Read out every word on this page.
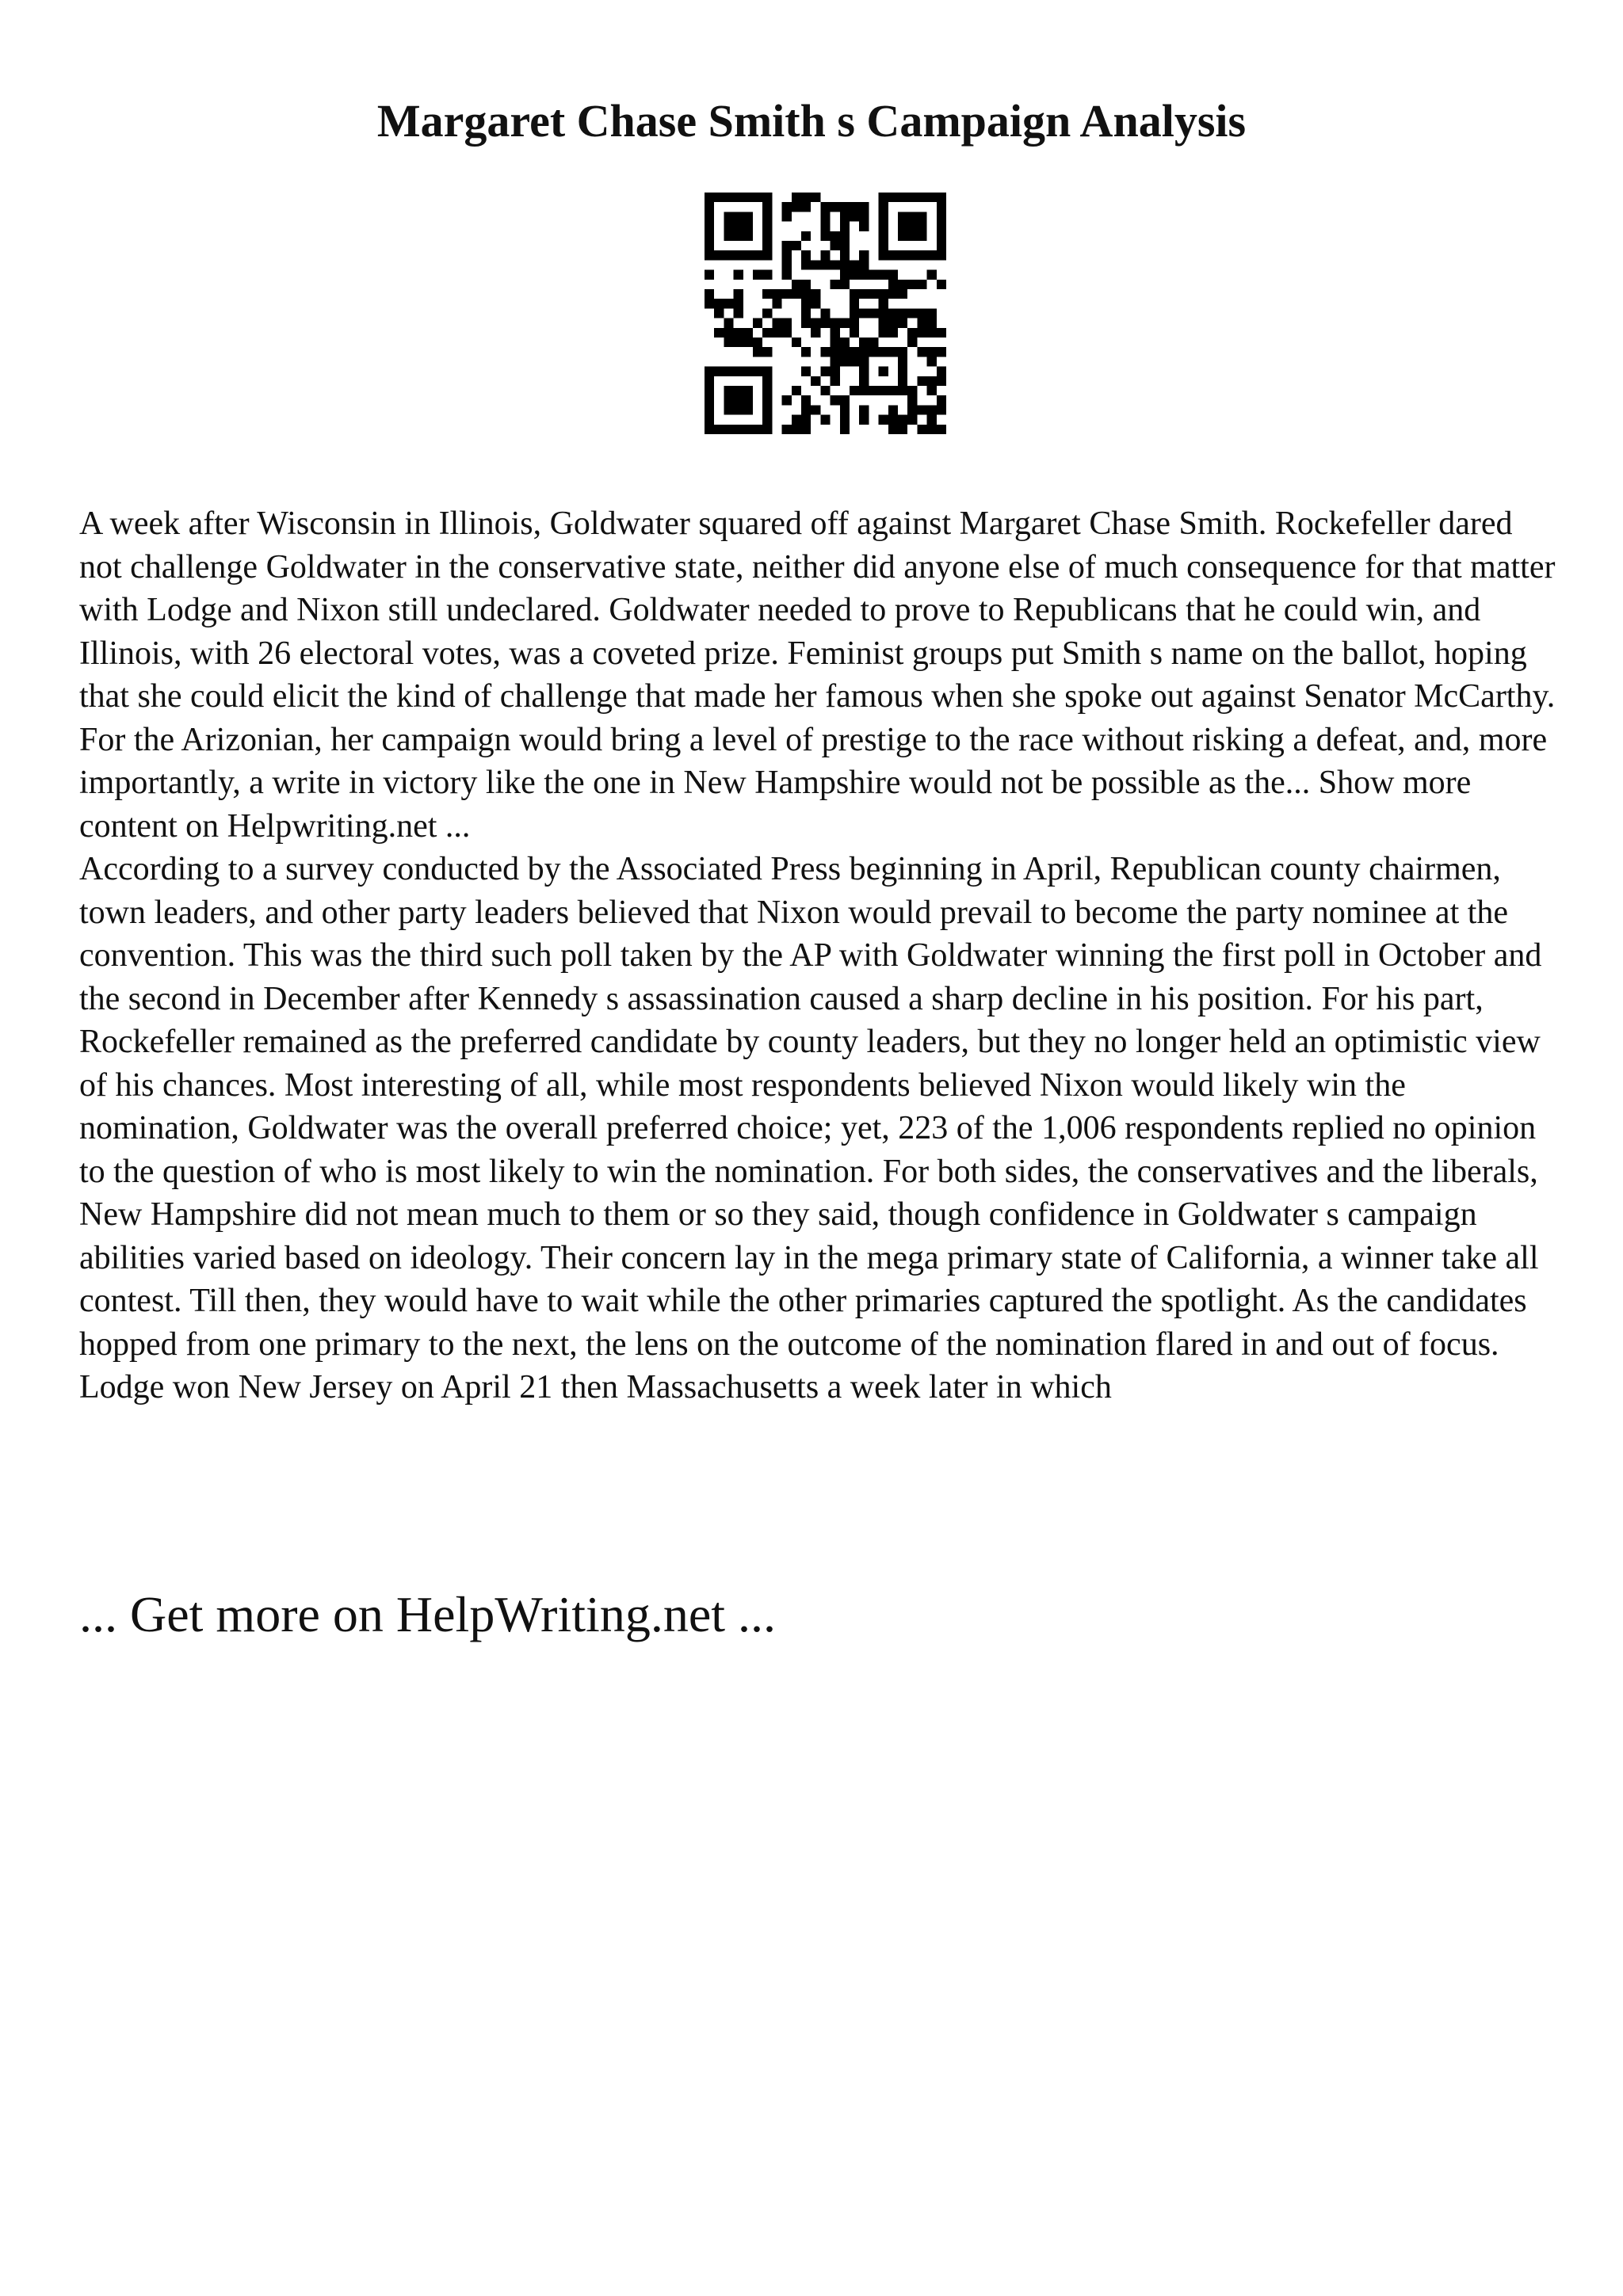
Margaret Chase Smith s Campaign Analysis

A week after Wisconsin in Illinois, Goldwater squared off against Margaret Chase Smith. Rockefeller dared not challenge Goldwater in the conservative state, neither did anyone else of much consequence for that matter with Lodge and Nixon still undeclared. Goldwater needed to prove to Republicans that he could win, and Illinois, with 26 electoral votes, was a coveted prize. Feminist groups put Smith s name on the ballot, hoping that she could elicit the kind of challenge that made her famous when she spoke out against Senator McCarthy. For the Arizonian, her campaign would bring a level of prestige to the race without risking a defeat, and, more importantly, a write in victory like the one in New Hampshire would not be possible as the... Show more content on Helpwriting.net ...

According to a survey conducted by the Associated Press beginning in April, Republican county chairmen, town leaders, and other party leaders believed that Nixon would prevail to become the party nominee at the convention. This was the third such poll taken by the AP with Goldwater winning the first poll in October and the second in December after Kennedy s assassination caused a sharp decline in his position. For his part, Rockefeller remained as the preferred candidate by county leaders, but they no longer held an optimistic view of his chances. Most interesting of all, while most respondents believed Nixon would likely win the nomination, Goldwater was the overall preferred choice; yet, 223 of the 1,006 respondents replied no opinion to the question of who is most likely to win the nomination. For both sides, the conservatives and the liberals, New Hampshire did not mean much to them or so they said, though confidence in Goldwater s campaign abilities varied based on ideology. Their concern lay in the mega primary state of California, a winner take all contest. Till then, they would have to wait while the other primaries captured the spotlight. As the candidates hopped from one primary to the next, the lens on the outcome of the nomination flared in and out of focus. Lodge won New Jersey on April 21 then Massachusetts a week later in which

... Get more on HelpWriting.net ...
